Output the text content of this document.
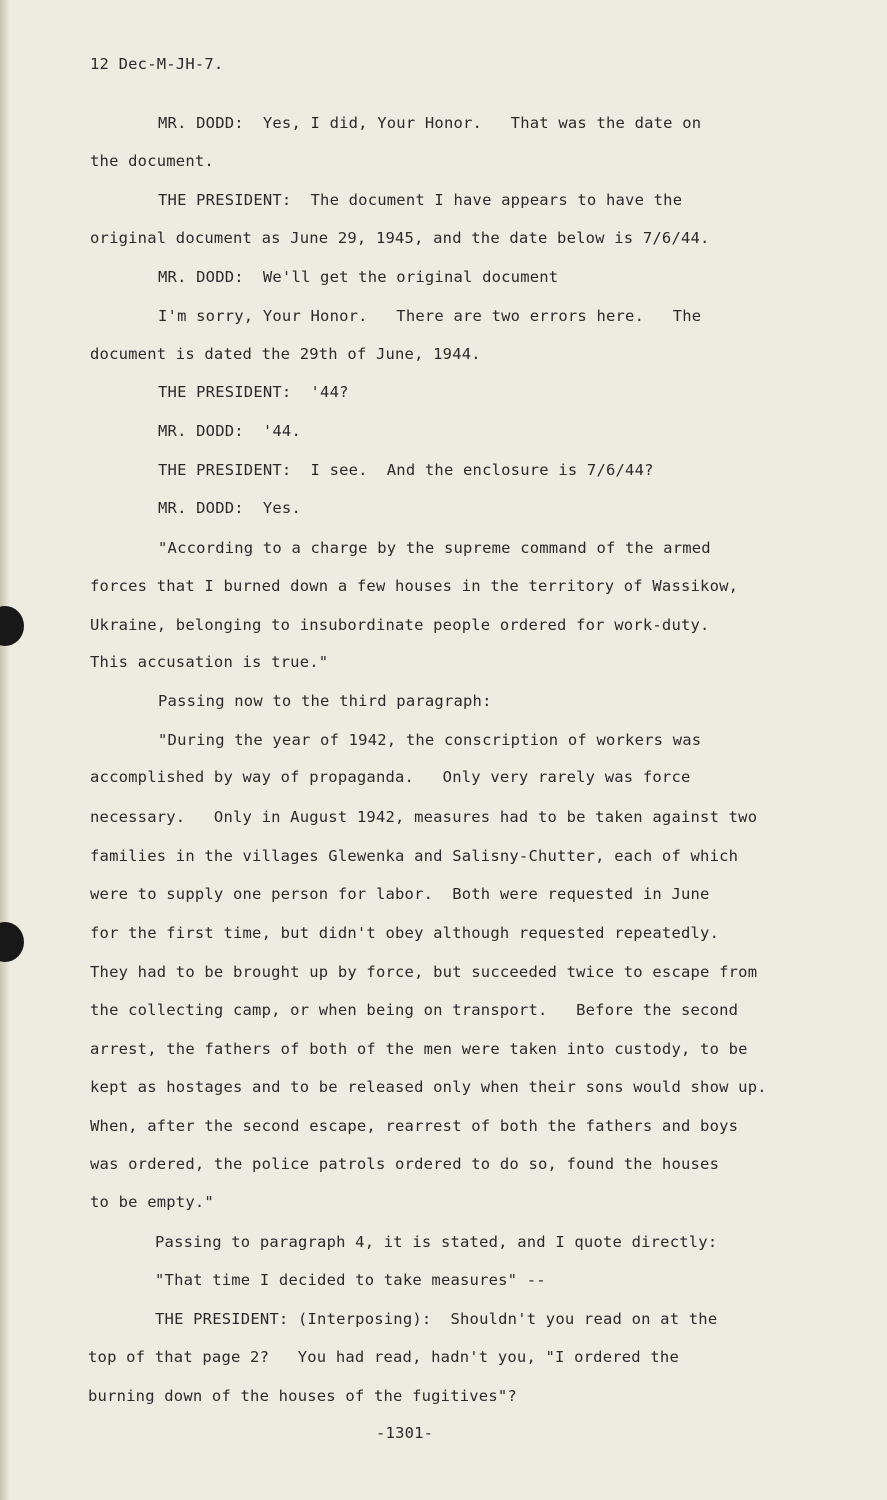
12 Dec-M-JH-7.

MR. DODD:  Yes, I did, Your Honor.   That was the date on

the document.

THE PRESIDENT:  The document I have appears to have the

original document as June 29, 1945, and the date below is 7/6/44.

MR. DODD:  We'll get the original document

I'm sorry, Your Honor.   There are two errors here.   The

document is dated the 29th of June, 1944.

THE PRESIDENT:  '44?

MR. DODD:  '44.

THE PRESIDENT:  I see.  And the enclosure is 7/6/44?

MR. DODD:  Yes.

"According to a charge by the supreme command of the armed

forces that I burned down a few houses in the territory of Wassikow,

Ukraine, belonging to insubordinate people ordered for work-duty.

This accusation is true."

Passing now to the third paragraph:

"During the year of 1942, the conscription of workers was

accomplished by way of propaganda.   Only very rarely was force

necessary.   Only in August 1942, measures had to be taken against two

families in the villages Glewenka and Salisny-Chutter, each of which

were to supply one person for labor.  Both were requested in June

for the first time, but didn't obey although requested repeatedly.

They had to be brought up by force, but succeeded twice to escape from

the collecting camp, or when being on transport.   Before the second

arrest, the fathers of both of the men were taken into custody, to be

kept as hostages and to be released only when their sons would show up.

When, after the second escape, rearrest of both the fathers and boys

was ordered, the police patrols ordered to do so, found the houses

to be empty."

Passing to paragraph 4, it is stated, and I quote directly:

"That time I decided to take measures" --

THE PRESIDENT: (Interposing):  Shouldn't you read on at the

top of that page 2?   You had read, hadn't you, "I ordered the

burning down of the houses of the fugitives"?

-1301-
